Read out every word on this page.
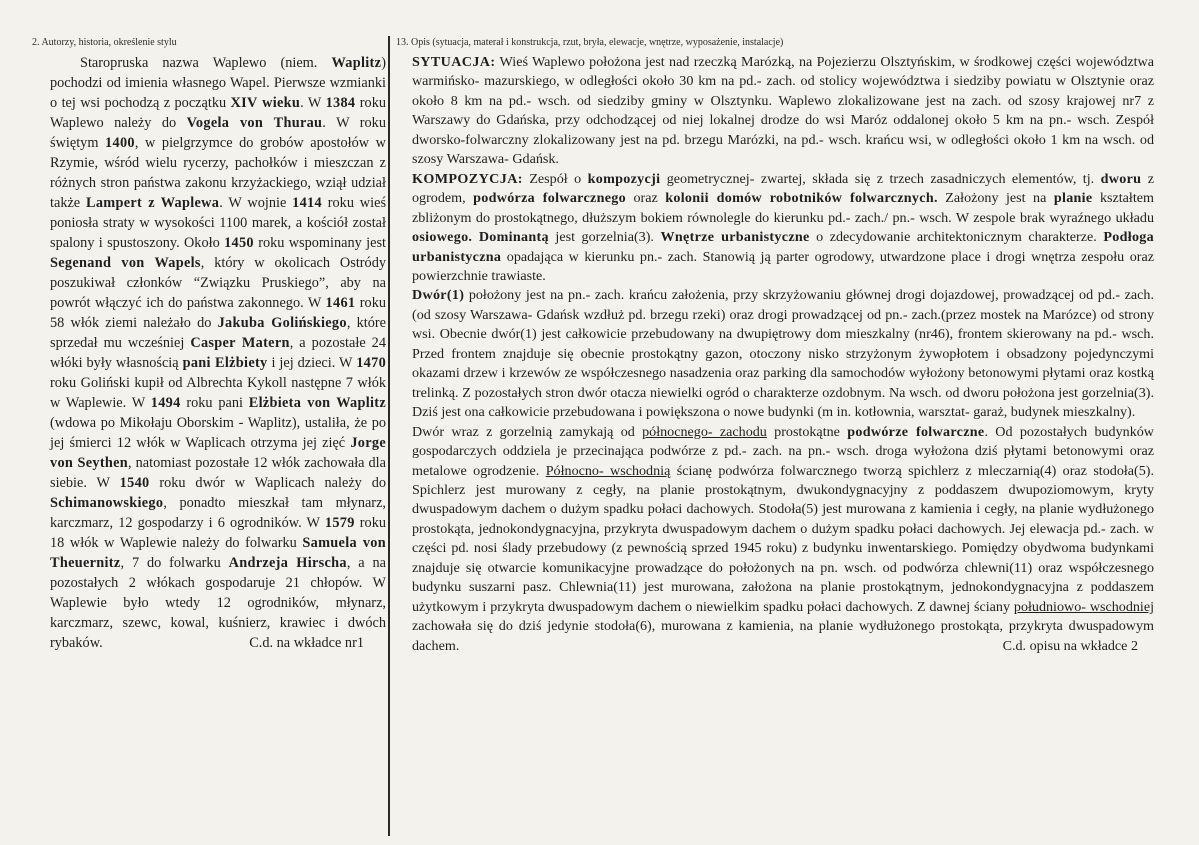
2. Autorzy, historia, określenie stylu

Staropruska nazwa Waplewo (niem. Waplitz) pochodzi od imienia własnego Wapel. Pierwsze wzmianki o tej wsi pochodzą z początku XIV wieku. W 1384 roku Waplewo należy do Vogela von Thurau. W roku świętym 1400, w pielgrzymce do grobów apostołów w Rzymie, wśród wielu rycerzy, pachołków i mieszczan z różnych stron państwa zakonu krzyżackiego, wziął udział także Lampert z Waplewa. W wojnie 1414 roku wieś poniosła straty w wysokości 1100 marek, a kościół został spalony i spustoszony. Około 1450 roku wspominany jest Segenand von Wapels, który w okolicach Ostródy poszukiwał członków “Związku Pruskiego”, aby na powrót włączyć ich do państwa zakonnego. W 1461 roku 58 włók ziemi należało do Jakuba Golińskiego, które sprzedał mu wcześniej Casper Matern, a pozostałe 24 włóki były własnością pani Elżbiety i jej dzieci. W 1470 roku Goliński kupił od Albrechta Kykoll następne 7 włók w Waplewie. W 1494 roku pani Elżbieta von Waplitz (wdowa po Mikołaju Oborskim - Waplitz), ustaliła, że po jej śmierci 12 włók w Waplicach otrzyma jej zięć Jorge von Seythen, natomiast pozostałe 12 włók zachowała dla siebie. W 1540 roku dwór w Waplicach należy do Schimanowskiego, ponadto mieszkał tam młynarz, karczmarz, 12 gospodarzy i 6 ogrodników. W 1579 roku 18 włók w Waplewie należy do folwarku Samuela von Theuernitz, 7 do folwarku Andrzeja Hirscha, a na pozostałych 2 włókach gospodaruje 21 chłopów. W Waplewie było wtedy 12 ogrodników, młynarz, karczmarz, szewc, kowal, kuśnierz, krawiec i dwóch rybaków.	C.d. na wkładce nr1

13. Opis (sytuacja, materał i konstrukcja, rzut, bryła, elewacje, wnętrze, wyposażenie, instalacje)

SYTUACJA: Wieś Waplewo położona jest nad rzeczką Marózką, na Pojezierzu Olsztyńskim, w środkowej części województwa warmińsko- mazurskiego, w odległości około 30 km na pd.- zach. od stolicy województwa i siedziby powiatu w Olsztynie oraz około 8 km na pd.- wsch. od siedziby gminy w Olsztynku. Waplewo zlokalizowane jest na zach. od szosy krajowej nr7 z Warszawy do Gdańska, przy odchodzącej od niej lokalnej drodze do wsi Maróz oddalonej około 5 km na pn.- wsch. Zespół dworsko-folwarczny zlokalizowany jest na pd. brzegu Marózki, na pd.- wsch. krańcu wsi, w odległości około 1 km na wsch. od szosy Warszawa- Gdańsk.

KOMPOZYCJA: Zespół o kompozycji geometrycznej- zwartej, składa się z trzech zasadniczych elementów, tj. dworu z ogrodem, podwórza folwarcznego oraz kolonii domów robotników folwarcznych. Założony jest na planie kształtem zbliżonym do prostokątnego, dłuższym bokiem równolegle do kierunku pd.- zach./ pn.- wsch. W zespole brak wyraźnego układu osiowego. Dominantą jest gorzelnia(3). Wnętrze urbanistyczne o zdecydowanie architektonicznym charakterze. Podłoga urbanistyczna opadająca w kierunku pn.- zach. Stanowią ją parter ogrodowy, utwardzone place i drogi wnętrza zespołu oraz powierzchnie trawiaste.

Dwór(1) położony jest na pn.- zach. krańcu założenia, przy skrzyżowaniu głównej drogi dojazdowej, prowadzącej od pd.- zach.(od szosy Warszawa- Gdańsk wzdłuż pd. brzegu rzeki) oraz drogi prowadzącej od pn.- zach.(przez mostek na Marózce) od strony wsi. Obecnie dwór(1) jest całkowicie przebudowany na dwupiętrowy dom mieszkalny (nr46), frontem skierowany na pd.- wsch. Przed frontem znajduje się obecnie prostokątny gazon, otoczony nisko strzyżonym żywopłotem i obsadzony pojedynczymi okazami drzew i krzewów ze współczesnego nasadzenia oraz parking dla samochodów wyłożony betonowymi płytami oraz kostką trelinką. Z pozostałych stron dwór otacza niewielki ogród o charakterze ozdobnym. Na wsch. od dworu położona jest gorzelnia(3). Dziś jest ona całkowicie przebudowana i powiększona o nowe budynki (m in. kotłownia, warsztat- garaż, budynek mieszkalny).

Dwór wraz z gorzelnią zamykają od północnego- zachodu prostokątne podwórze folwarczne. Od pozostałych budynków gospodarczych oddziela je przecinająca podwórze z pd.- zach. na pn.- wsch. droga wyłożona dziś płytami betonowymi oraz metalowe ogrodzenie. Północno- wschodnią ścianę podwórza folwarcznego tworzą spichlerz z mleczarnią(4) oraz stodoła(5). Spichlerz jest murowany z cegły, na planie prostokątnym, dwukondygnacyjny z poddaszem dwupoziomowym, kryty dwuspadowym dachem o dużym spadku połaci dachowych. Stodoła(5) jest murowana z kamienia i cegły, na planie wydłużonego prostokąta, jednokondygnacyjna, przykryta dwuspadowym dachem o dużym spadku połaci dachowych. Jej elewacja pd.- zach. w części pd. nosi ślady przebudowy (z pewnością sprzed 1945 roku) z budynku inwentarskiego. Pomiędzy obydwoma budynkami znajduje się otwarcie komunikacyjne prowadzące do położonych na pn. wsch. od podwórza chlewni(11) oraz współczesnego budynku suszarni pasz. Chlewnia(11) jest murowana, założona na planie prostokątnym, jednokondygnacyjna z poddaszem użytkowym i przykryta dwuspadowym dachem o niewielkim spadku połaci dachowych. Z dawnej ściany południowo- wschodniej zachowała się do dziś jedynie stodoła(6), murowana z kamienia, na planie wydłużonego prostokąta, przykryta dwuspadowym dachem.	C.d. opisu na wkładce 2
